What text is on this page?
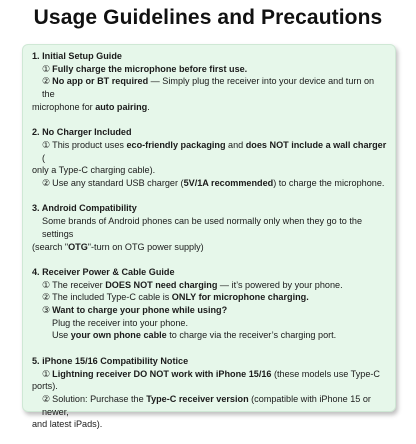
Usage Guidelines and Precautions
1. Initial Setup Guide
① Fully charge the microphone before first use.
② No app or BT required — Simply plug the receiver into your device and turn on the
microphone for auto pairing.
2. No Charger Included
① This product uses eco-friendly packaging and does NOT include a wall charger (
only a Type-C charging cable).
② Use any standard USB charger (5V/1A recommended) to charge the microphone.
3. Android Compatibility
Some brands of Android phones can be used normally only when they go to the settings
(search "OTG"-turn on OTG power supply)
4. Receiver Power & Cable Guide
① The receiver DOES NOT need charging — it’s powered by your phone.
② The included Type-C cable is ONLY for microphone charging.
③ Want to charge your phone while using?
Plug the receiver into your phone.
Use your own phone cable to charge via the receiver’s charging port.
5. iPhone 15/16 Compatibility Notice
① Lightning receiver DO NOT work with iPhone 15/16 (these models use Type-C
ports).
② Solution: Purchase the Type-C receiver version (compatible with iPhone 15 or newer,
and latest iPads).
